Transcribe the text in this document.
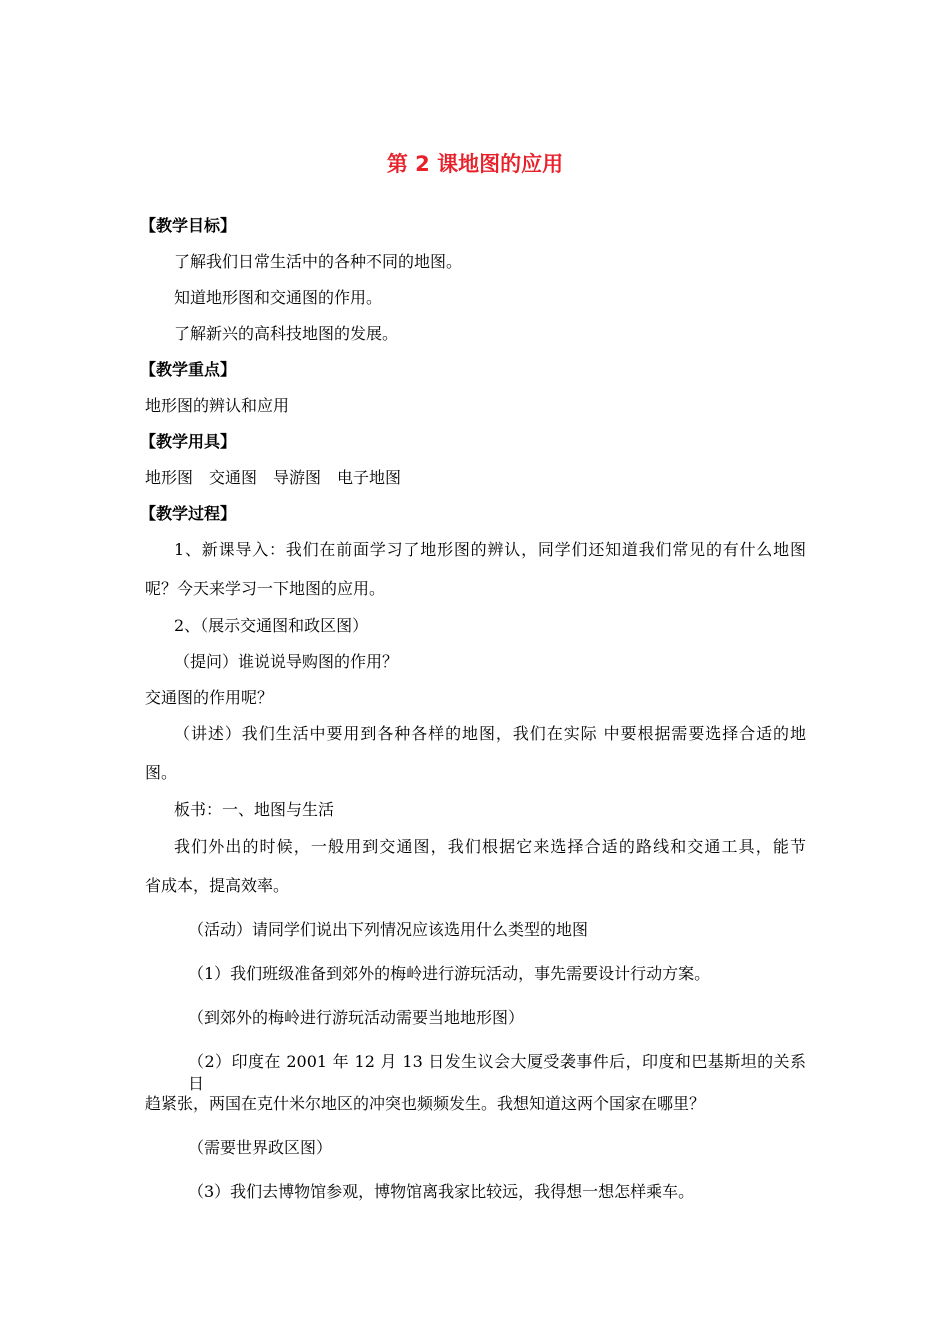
第 2 课地图的应用
【教学目标】
了解我们日常生活中的各种不同的地图。
知道地形图和交通图的作用。
了解新兴的高科技地图的发展。
【教学重点】
地形图的辨认和应用
【教学用具】
地形图　交通图　导游图　电子地图
【教学过程】
1、新课导入：我们在前面学习了地形图的辨认，同学们还知道我们常见的有什么地图
呢？今天来学习一下地图的应用。
2、（展示交通图和政区图）
（提问）谁说说导购图的作用？
交通图的作用呢？
（讲述）我们生活中要用到各种各样的地图，我们在实际 中要根据需要选择合适的地
图。
板书：一、地图与生活
我们外出的时候，一般用到交通图，我们根据它来选择合适的路线和交通工具，能节
省成本，提高效率。
（活动）请同学们说出下列情况应该选用什么类型的地图
（1）我们班级准备到郊外的梅岭进行游玩活动，事先需要设计行动方案。
（到郊外的梅岭进行游玩活动需要当地地形图）
（2）印度在 2001 年 12 月 13 日发生议会大厦受袭事件后，印度和巴基斯坦的关系日
趋紧张，两国在克什米尔地区的冲突也频频发生。我想知道这两个国家在哪里？
（需要世界政区图）
（3）我们去博物馆参观，博物馆离我家比较远，我得想一想怎样乘车。
